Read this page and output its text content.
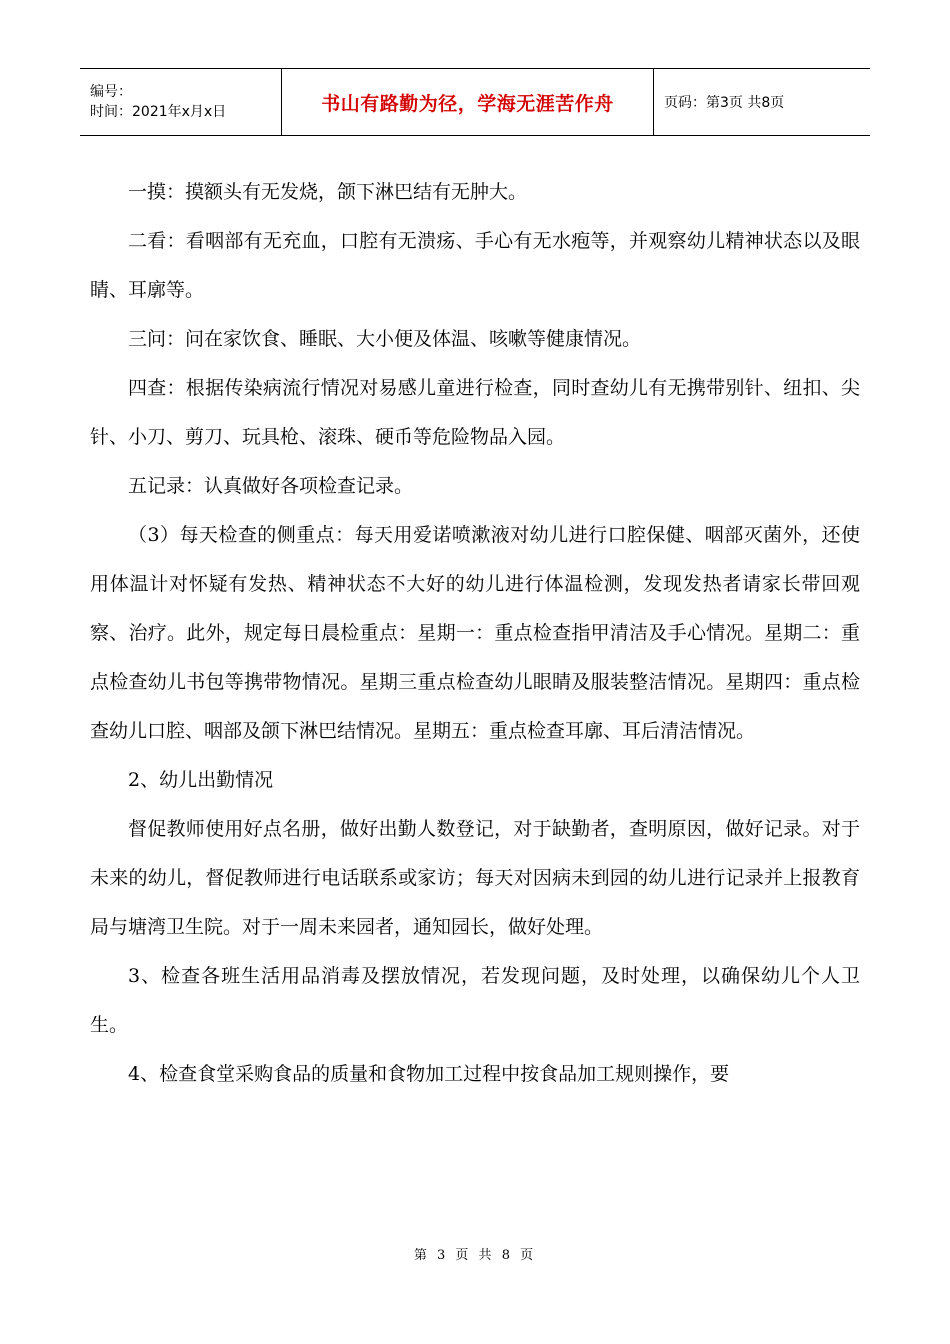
编号：
时间：2021年x月x日	书山有路勤为径，学海无涯苦作舟	页码：第3页 共8页

一摸：摸额头有无发烧，颌下淋巴结有无肿大。

二看：看咽部有无充血，口腔有无溃疡、手心有无水疱等，并观察幼儿精神状态以及眼睛、耳廓等。

三问：问在家饮食、睡眠、大小便及体温、咳嗽等健康情况。

四查：根据传染病流行情况对易感儿童进行检查，同时查幼儿有无携带别针、纽扣、尖针、小刀、剪刀、玩具枪、滚珠、硬币等危险物品入园。

五记录：认真做好各项检查记录。

（3）每天检查的侧重点：每天用爱诺喷漱液对幼儿进行口腔保健、咽部灭菌外，还使用体温计对怀疑有发热、精神状态不大好的幼儿进行体温检测，发现发热者请家长带回观察、治疗。此外，规定每日晨检重点：星期一：重点检查指甲清洁及手心情况。星期二：重点检查幼儿书包等携带物情况。星期三重点检查幼儿眼睛及服装整洁情况。星期四：重点检查幼儿口腔、咽部及颌下淋巴结情况。星期五：重点检查耳廓、耳后清洁情况。

2、幼儿出勤情况

督促教师使用好点名册，做好出勤人数登记，对于缺勤者，查明原因，做好记录。对于未来的幼儿，督促教师进行电话联系或家访；每天对因病未到园的幼儿进行记录并上报教育局与塘湾卫生院。对于一周未来园者，通知园长，做好处理。

3、检查各班生活用品消毒及摆放情况，若发现问题，及时处理，以确保幼儿个人卫生。

4、检查食堂采购食品的质量和食物加工过程中按食品加工规则操作，要

第 3 页 共 8 页
